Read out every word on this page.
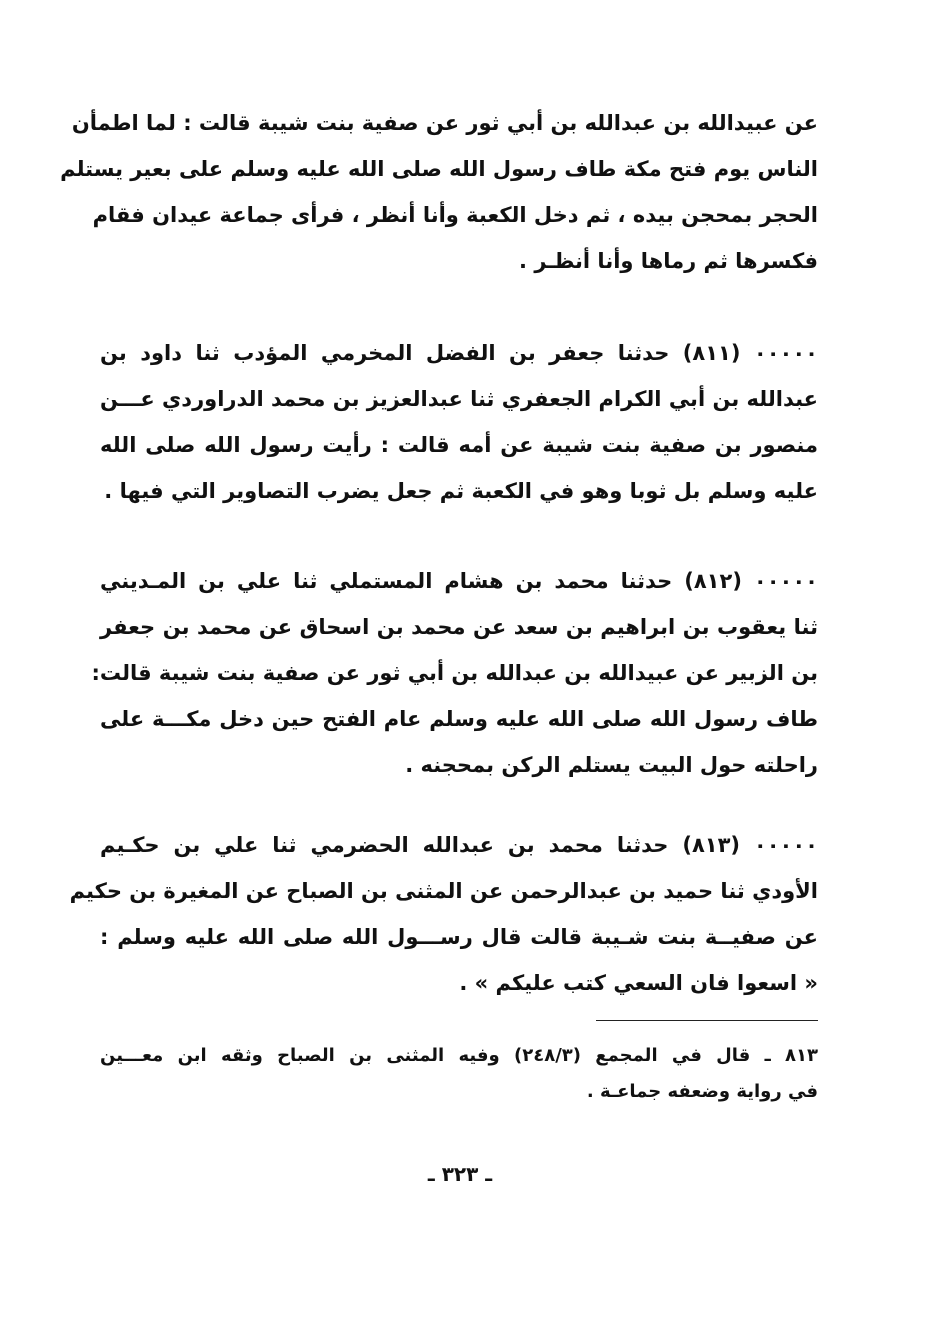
عن عبيدالله بن عبدالله بن أبي ثور عن صفية بنت شيبة قالت : لما اطمأن
الناس يوم فتح مكة طاف رسول الله صلى الله عليه وسلم على بعير يستلم
الحجر بمحجن بيده ، ثم دخل الكعبة وأنا أنظر ، فرأى جماعة عيدان فقام
فكسرها ثم رماها وأنا أنظـر .
٠٠٠٠٠ (٨١١) حدثنا جعفر بن الفضل المخرمي المؤدب ثنا داود بن
عبدالله بن أبي الكرام الجعفري ثنا عبدالعزيز بن محمد الدراوردي عـــن
منصور بن صفية بنت شيبة عن أمه قالت : رأيت رسول الله صلى الله
عليه وسلم بل ثوبا وهو في الكعبة ثم جعل يضرب التصاوير التي فيها .
٠٠٠٠٠ (٨١٢) حدثنا محمد بن هشام المستملي ثنا علي بن المـديني
ثنا يعقوب بن ابراهيم بن سعد عن محمد بن اسحاق عن محمد بن جعفر
بن الزبير عن عبيدالله بن عبدالله بن أبي ثور عن صفية بنت شيبة قالت:
طاف رسول الله صلى الله عليه وسلم عام الفتح حين دخل مكـــة على
راحلته حول البيت يستلم الركن بمحجنه .
٠٠٠٠٠ (٨١٣) حدثنا محمد بن عبدالله الحضرمي ثنا علي بن حكـيم
الأودي ثنا حميد بن عبدالرحمن عن المثنى بن الصباح عن المغيرة بن حكيم
عن صفيــة بنت شـيبة قالت قال رســـول الله صلى الله عليه وسلم :
« اسعوا فان السعي كتب عليكم » .
٨١٣ ـ قال في المجمع (٢٤٨/٣) وفيه المثنى بن الصباح وثقه ابن معـــين
في رواية وضعفه جماعـة .
ـ ٣٢٣ ـ
